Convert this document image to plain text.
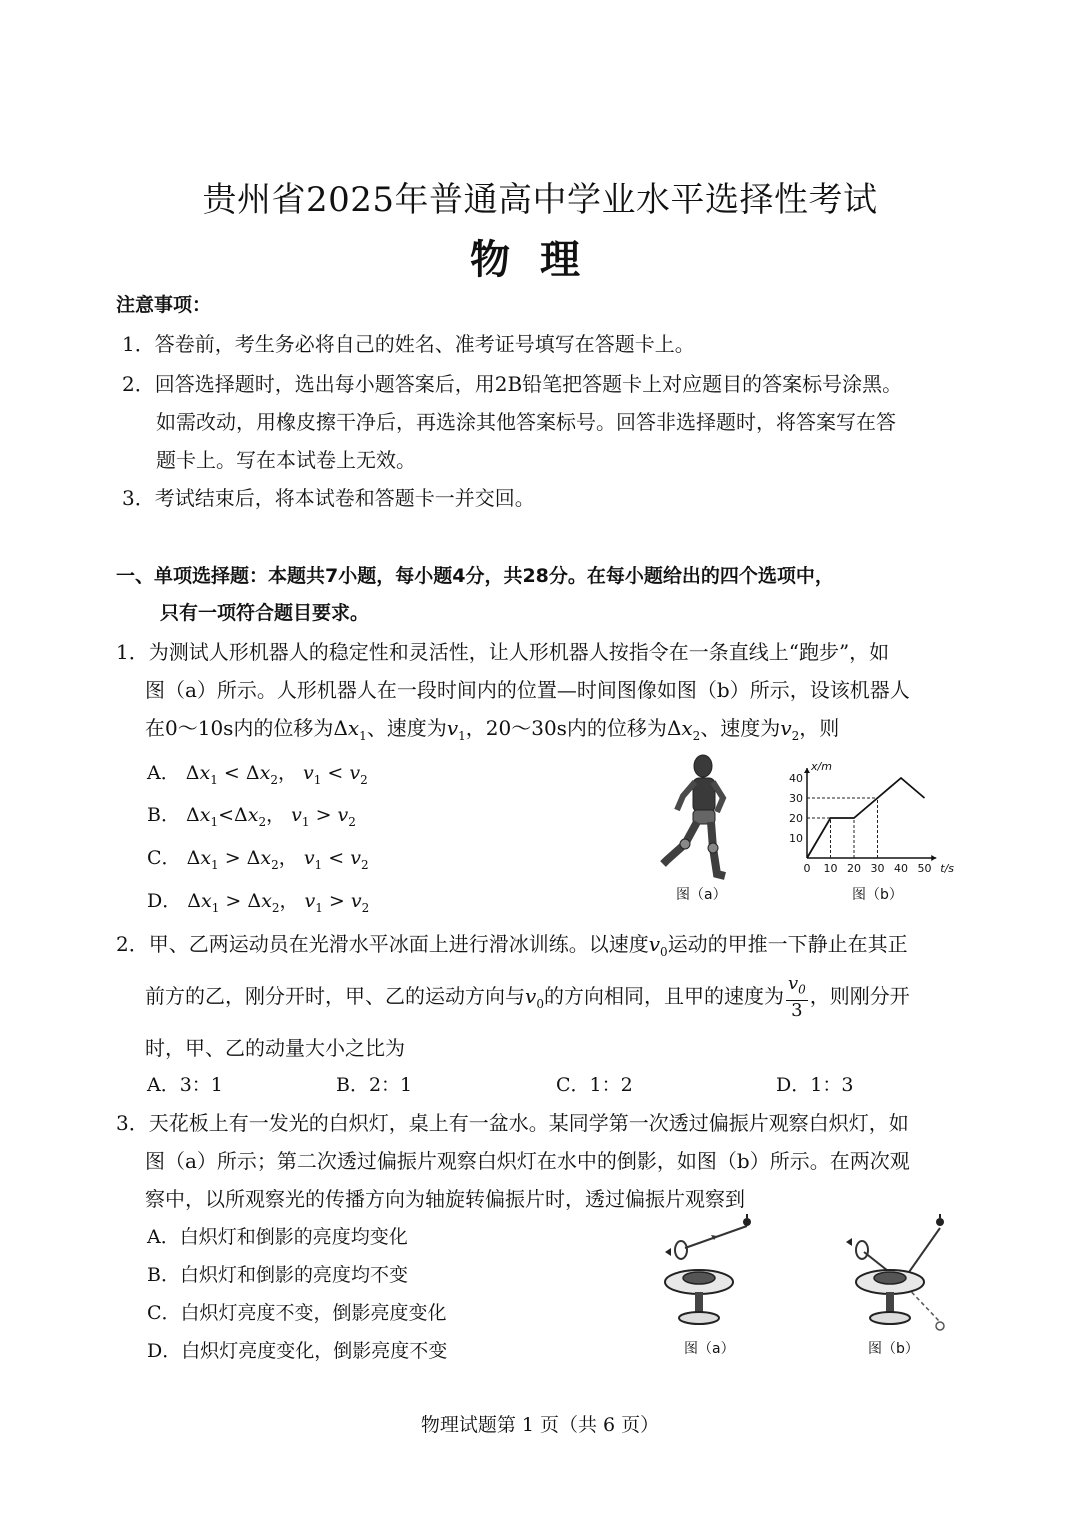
贵州省2025年普通高中学业水平选择性考试
物理
注意事项：
1．答卷前，考生务必将自己的姓名、准考证号填写在答题卡上。
2．回答选择题时，选出每小题答案后，用2B铅笔把答题卡上对应题目的答案标号涂黑。
如需改动，用橡皮擦干净后，再选涂其他答案标号。回答非选择题时，将答案写在答
题卡上。写在本试卷上无效。
3．考试结束后，将本试卷和答题卡一并交回。
一、单项选择题：本题共7小题，每小题4分，共28分。在每小题给出的四个选项中，
只有一项符合题目要求。
1．为测试人形机器人的稳定性和灵活性，让人形机器人按指令在一条直线上“跑步”，如
图（a）所示。人形机器人在一段时间内的位置—时间图像如图（b）所示，设该机器人
在0～10s内的位移为$\Delta x_1$、速度为$v_1$，20～30s内的位移为$\Delta x_2$、速度为$v_2$，则
A． $\Delta x_1 < \Delta x_2$， $v_1 < v_2$
B． $\Delta x_1<\Delta x_2$， $v_1 > v_2$
C． $\Delta x_1 > \Delta x_2$， $v_1 < v_2$
D． $\Delta x_1 > \Delta x_2$， $v_1 > v_2$
图（a）
0 10 20 30 40 50
10
20
30
40
t/s
x/m
图（b）
2．甲、乙两运动员在光滑水平冰面上进行滑冰训练。以速度$v_0$运动的甲推一下静止在其正
前方的乙，刚分开时，甲、乙的运动方向与$v_0$的方向相同，且甲的速度为 $\frac{v_0}{3}$ ，则刚分开
时，甲、乙的动量大小之比为
A．3：1	B．2：1	C．1：2	D．1：3
3．天花板上有一发光的白炽灯，桌上有一盆水。某同学第一次透过偏振片观察白炽灯，如
图（a）所示；第二次透过偏振片观察白炽灯在水中的倒影，如图（b）所示。在两次观
察中，以所观察光的传播方向为轴旋转偏振片时，透过偏振片观察到
A．白炽灯和倒影的亮度均变化
B．白炽灯和倒影的亮度均不变
C．白炽灯亮度不变，倒影亮度变化
D．白炽灯亮度变化，倒影亮度不变	图（a）	图（b）
物理试题第 1 页（共 6 页）
